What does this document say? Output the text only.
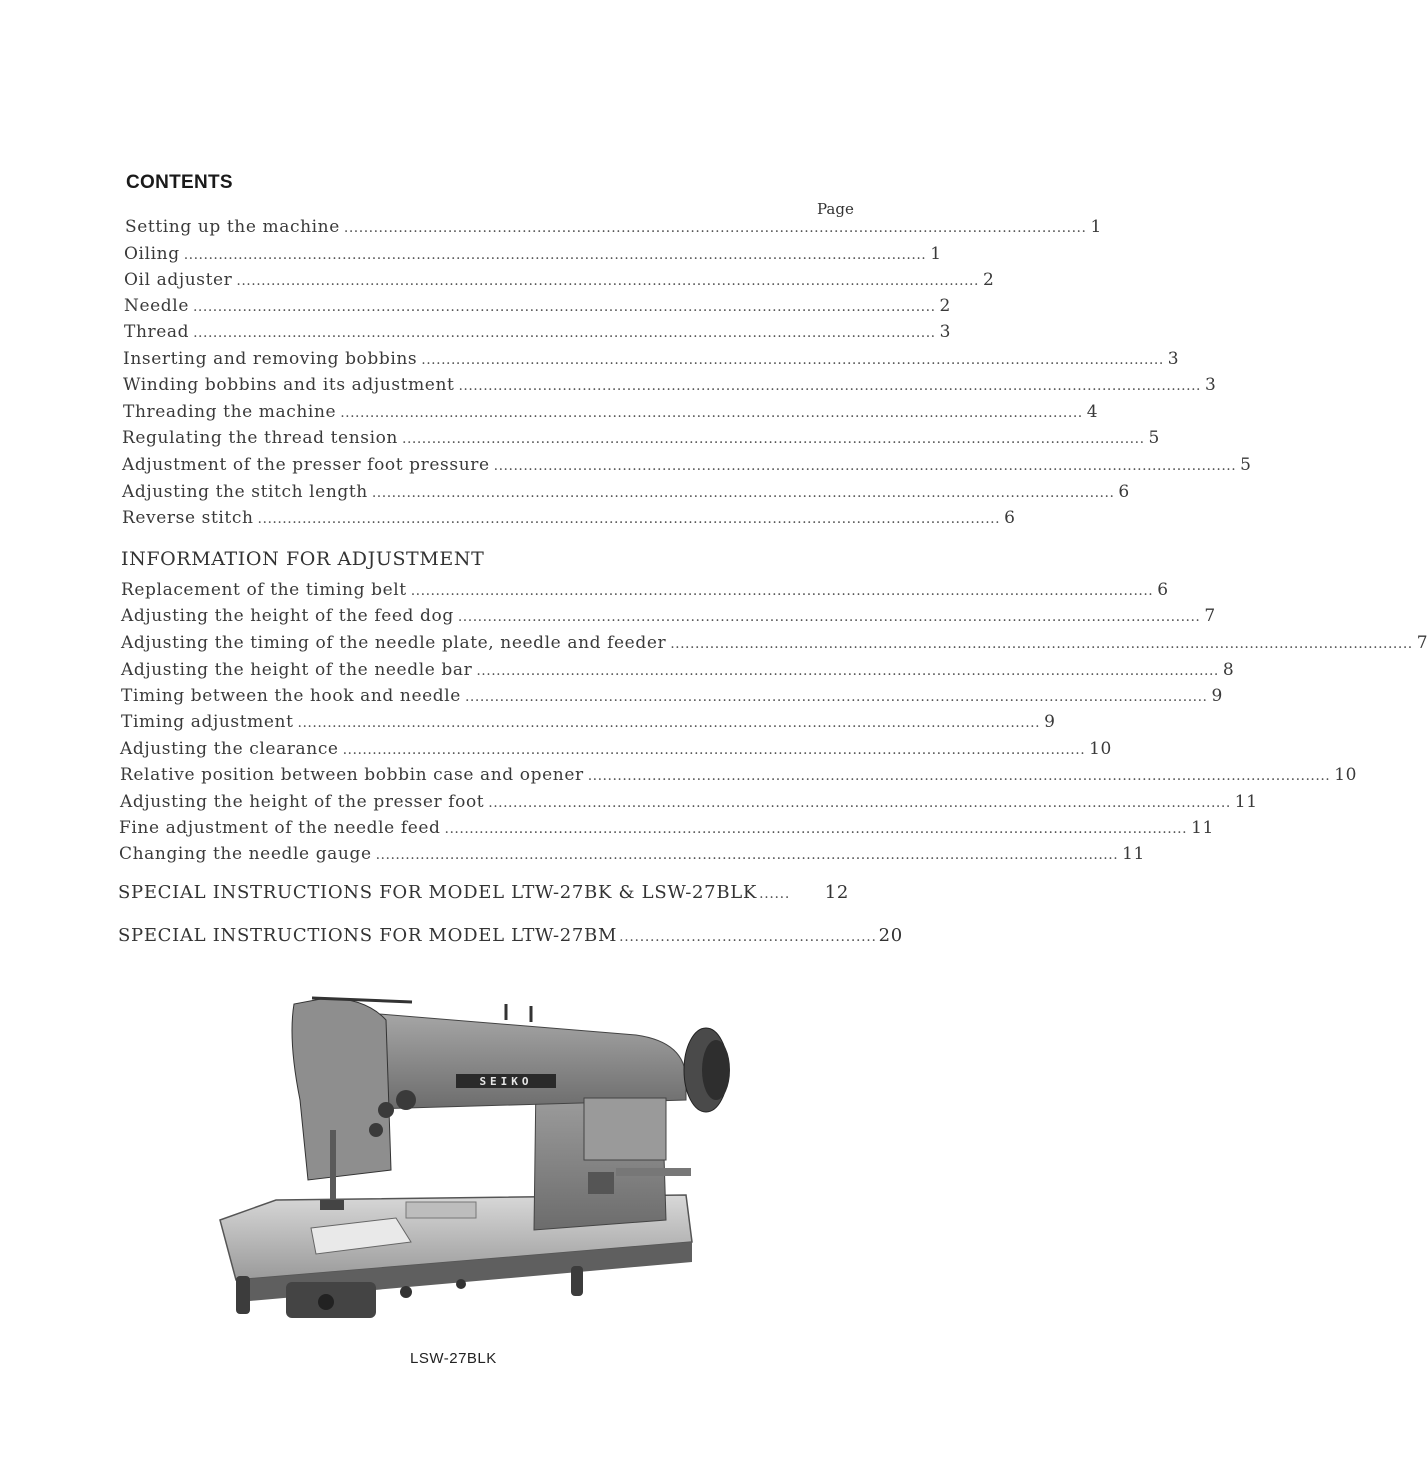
CONTENTS
Page
Setting up the machine ...................................................................................................................................................... 1
Oiling ...................................................................................................................................................... 1
Oil adjuster ...................................................................................................................................................... 2
Needle ...................................................................................................................................................... 2
Thread ...................................................................................................................................................... 3
Inserting and removing bobbins ...................................................................................................................................................... 3
Winding bobbins and its adjustment ...................................................................................................................................................... 3
Threading the machine ...................................................................................................................................................... 4
Regulating the thread tension ...................................................................................................................................................... 5
Adjustment of the presser foot pressure ...................................................................................................................................................... 5
Adjusting the stitch length ...................................................................................................................................................... 6
Reverse stitch ...................................................................................................................................................... 6
INFORMATION FOR ADJUSTMENT
Replacement of the timing belt ...................................................................................................................................................... 6
Adjusting the height of the feed dog ...................................................................................................................................................... 7
Adjusting the timing of the needle plate, needle and feeder ...................................................................................................................................................... 7
Adjusting the height of the needle bar ...................................................................................................................................................... 8
Timing between the hook and needle ...................................................................................................................................................... 9
Timing adjustment ...................................................................................................................................................... 9
Adjusting the clearance ...................................................................................................................................................... 10
Relative position between bobbin case and opener ...................................................................................................................................................... 10
Adjusting the height of the presser foot ...................................................................................................................................................... 11
Fine adjustment of the needle feed ...................................................................................................................................................... 11
Changing the needle gauge ...................................................................................................................................................... 11
SPECIAL INSTRUCTIONS FOR MODEL LTW-27BK & LSW-27BLK ......	12
SPECIAL INSTRUCTIONS FOR MODEL LTW-27BM .................................................. 20
SEIKO
LSW-27BLK
